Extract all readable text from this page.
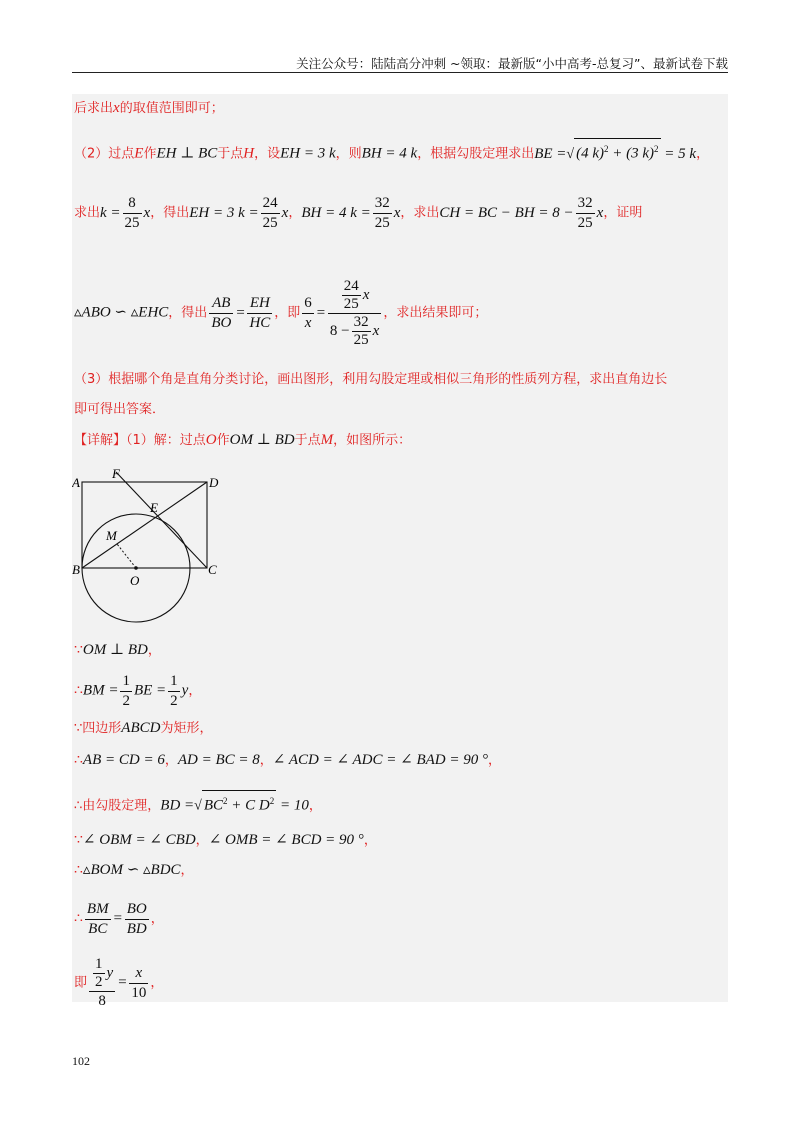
关注公众号：陆陆高分冲刺 ~领取：最新版“小中高考-总复习”、最新试卷下载
后求出x的取值范围即可；
（2）过点E作EH ⊥ BC于点H，设EH = 3 k，则BH = 4 k，根据勾股定理求出BE =√ (4 k)$^2$ + (3 k)$^2$ = 5 k，
求出$k = \frac{8}{25}$ x，得出EH = 3 $k = \frac{24}{25}$ x，BH = 4 $k = \frac{32}{25}$ x，求出CH = BC − BH = $8 - \frac{32}{25}$ x，证明
▵ABO ∽ ▵EHC，得出 $\frac{AB}{BO} = \frac{EH}{HC}$ ，即 $\frac{6}{x} = \frac{\frac{24}{25} x}{8 - \frac{32}{25} x}$ ，求出结果即可；
（3）根据哪个角是直角分类讨论，画出图形，利用勾股定理或相似三角形的性质列方程，求出直角边长
即可得出答案．
【详解】（1）解：过点O作OM ⊥ BD于点M，如图所示：
A
F
D
E
M
B
O
C
∵OM ⊥ BD，
∴BM = $\frac{1}{2}$ BE = $\frac{1}{2}$ y，
∵四边形ABCD为矩形，
∴AB = CD = 6，AD = BC = 8，∠ ACD = ∠ ADC = ∠ BAD = 90 °，
∴由勾股定理，BD =√ $BC^2 + C$ $D^2 = 10$，
∵∠ OBM = ∠ CBD，∠ OMB = ∠ BCD = 90 °，
∴▵BOM ∽ ▵BDC，
∴ $\frac{BM}{BC} = \frac{BO}{BD}$ ，
即 $\frac{\frac{1}{2} y}{8} = \frac{x}{10}$ ，
102
